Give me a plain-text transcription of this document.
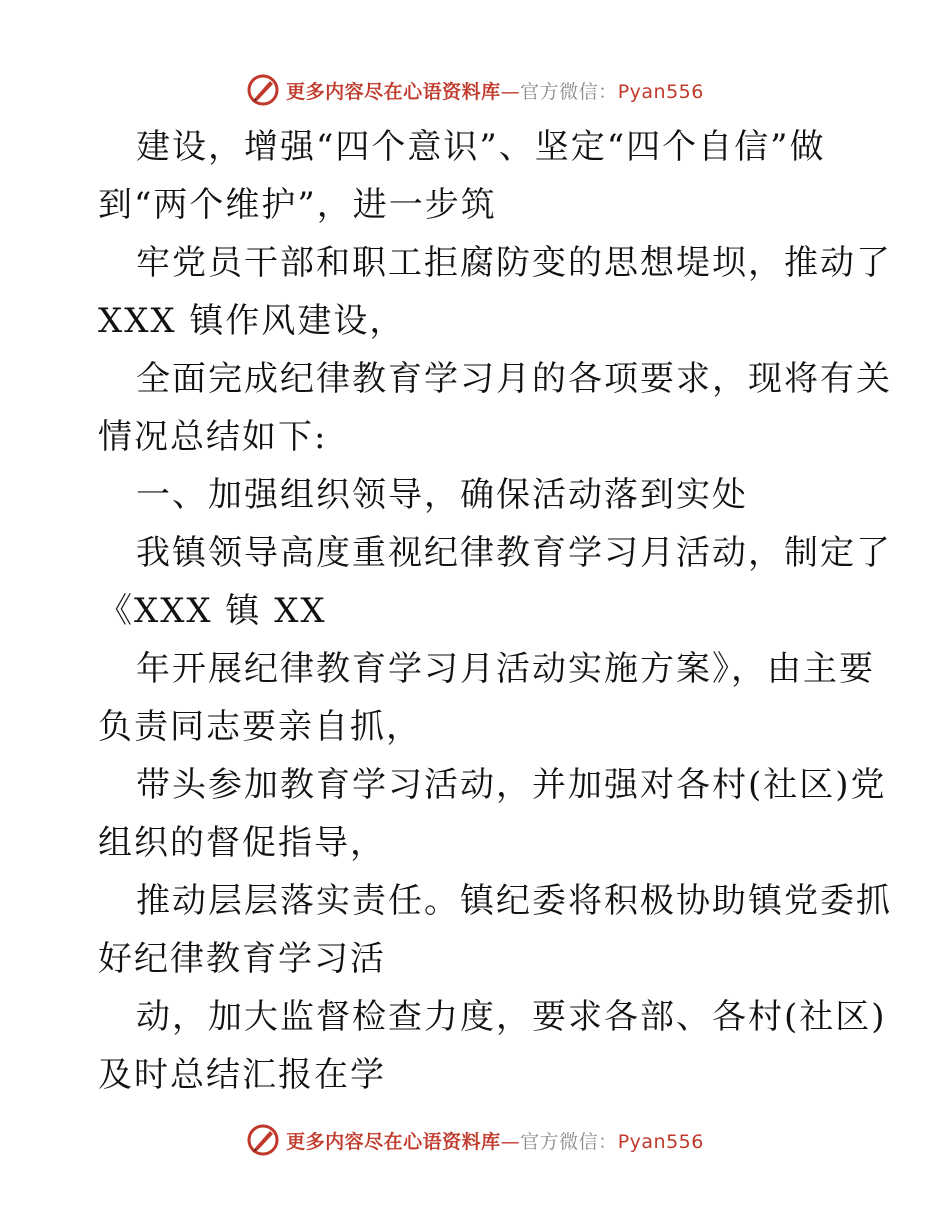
更多内容尽在心语资料库—官方微信：Pyan556
建设，增强“四个意识”、坚定“四个自信”做
到“两个维护”，进一步筑
牢党员干部和职工拒腐防变的思想堤坝，推动了
XXX 镇作风建设，
全面完成纪律教育学习月的各项要求，现将有关
情况总结如下:
一、加强组织领导，确保活动落到实处
我镇领导高度重视纪律教育学习月活动，制定了
《XXX 镇 XX
年开展纪律教育学习月活动实施方案》，由主要
负责同志要亲自抓，
带头参加教育学习活动，并加强对各村(社区)党
组织的督促指导，
推动层层落实责任。镇纪委将积极协助镇党委抓
好纪律教育学习活
动，加大监督检查力度，要求各部、各村(社区)
及时总结汇报在学
更多内容尽在心语资料库—官方微信：Pyan556
